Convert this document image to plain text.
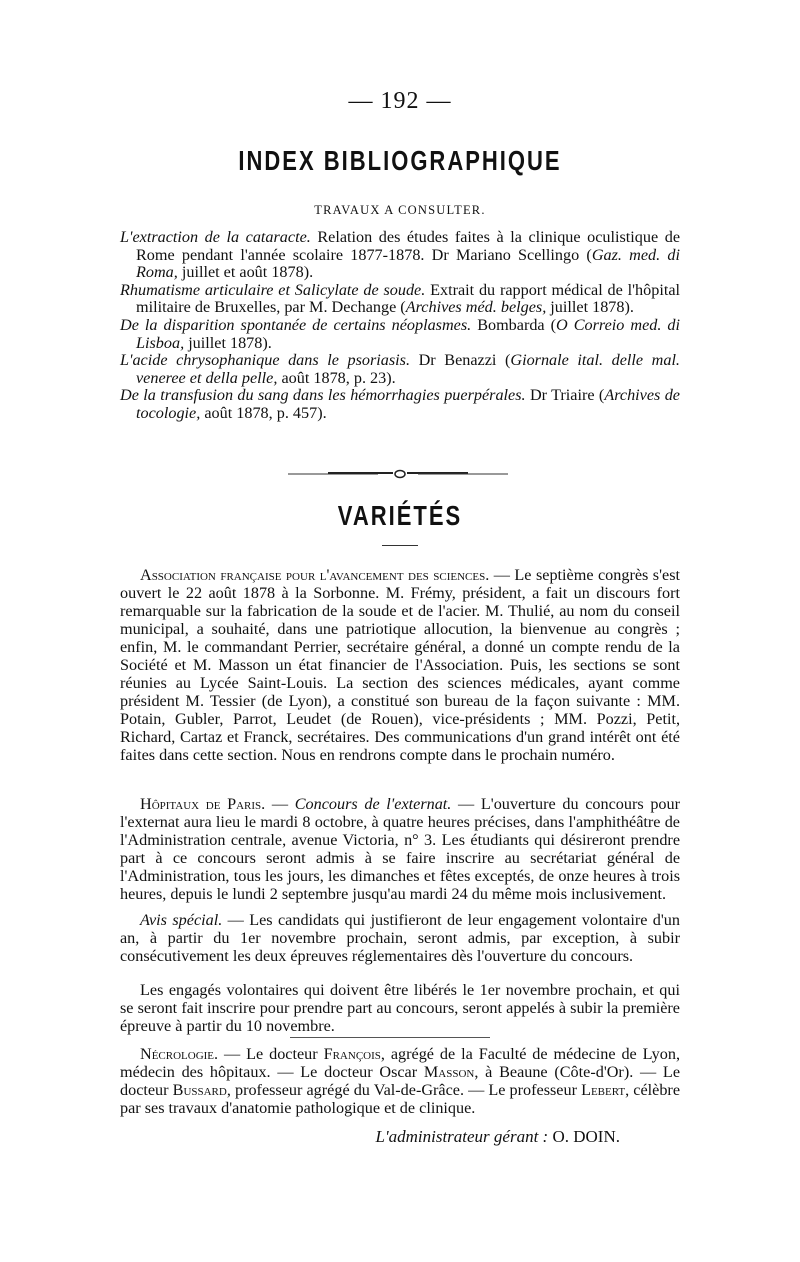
— 192 —
INDEX BIBLIOGRAPHIQUE
TRAVAUX A CONSULTER.

L'extraction de la cataracte. Relation des études faites à la clinique oculistique de Rome pendant l'année scolaire 1877-1878. Dr Mariano Scellingo (Gaz. med. di Roma, juillet et août 1878).

Rhumatisme articulaire et Salicylate de soude. Extrait du rapport médical de l'hôpital militaire de Bruxelles, par M. Dechange (Archives méd. belges, juillet 1878).

De la disparition spontanée de certains néoplasmes. Bombarda (O Correio med. di Lisboa, juillet 1878).

L'acide chrysophanique dans le psoriasis. Dr Benazzi (Giornale ital. delle mal. veneree et della pelle, août 1878, p. 23).

De la transfusion du sang dans les hémorrhagies puerpérales. Dr Triaire (Archives de tocologie, août 1878, p. 457).

VARIÉTÉS

Association française pour l'avancement des sciences. — Le septième congrès s'est ouvert le 22 août 1878 à la Sorbonne. M. Frémy, président, a fait un discours fort remarquable sur la fabrication de la soude et de l'acier. M. Thulié, au nom du conseil municipal, a souhaité, dans une patriotique allocution, la bienvenue au congrès ; enfin, M. le commandant Perrier, secrétaire général, a donné un compte rendu de la Société et M. Masson un état financier de l'Association. Puis, les sections se sont réunies au Lycée Saint-Louis. La section des sciences médicales, ayant comme président M. Tessier (de Lyon), a constitué son bureau de la façon suivante : MM. Potain, Gubler, Parrot, Leudet (de Rouen), vice-présidents ; MM. Pozzi, Petit, Richard, Cartaz et Franck, secrétaires. Des communications d'un grand intérêt ont été faites dans cette section. Nous en rendrons compte dans le prochain numéro.

Hôpitaux de Paris. — Concours de l'externat. — L'ouverture du concours pour l'externat aura lieu le mardi 8 octobre, à quatre heures précises, dans l'amphithéâtre de l'Administration centrale, avenue Victoria, n° 3. Les étudiants qui désireront prendre part à ce concours seront admis à se faire inscrire au secrétariat général de l'Administration, tous les jours, les dimanches et fêtes exceptés, de onze heures à trois heures, depuis le lundi 2 septembre jusqu'au mardi 24 du même mois inclusivement.

Avis spécial. — Les candidats qui justifieront de leur engagement volontaire d'un an, à partir du 1er novembre prochain, seront admis, par exception, à subir consécutivement les deux épreuves réglementaires dès l'ouverture du concours.

Les engagés volontaires qui doivent être libérés le 1er novembre prochain, et qui se seront fait inscrire pour prendre part au concours, seront appelés à subir la première épreuve à partir du 10 novembre.

Nécrologie. — Le docteur François, agrégé de la Faculté de médecine de Lyon, médecin des hôpitaux. — Le docteur Oscar Masson, à Beaune (Côte-d'Or). — Le docteur Bussard, professeur agrégé du Val-de-Grâce. — Le professeur Lebert, célèbre par ses travaux d'anatomie pathologique et de clinique.

L'administrateur gérant : O. DOIN.
